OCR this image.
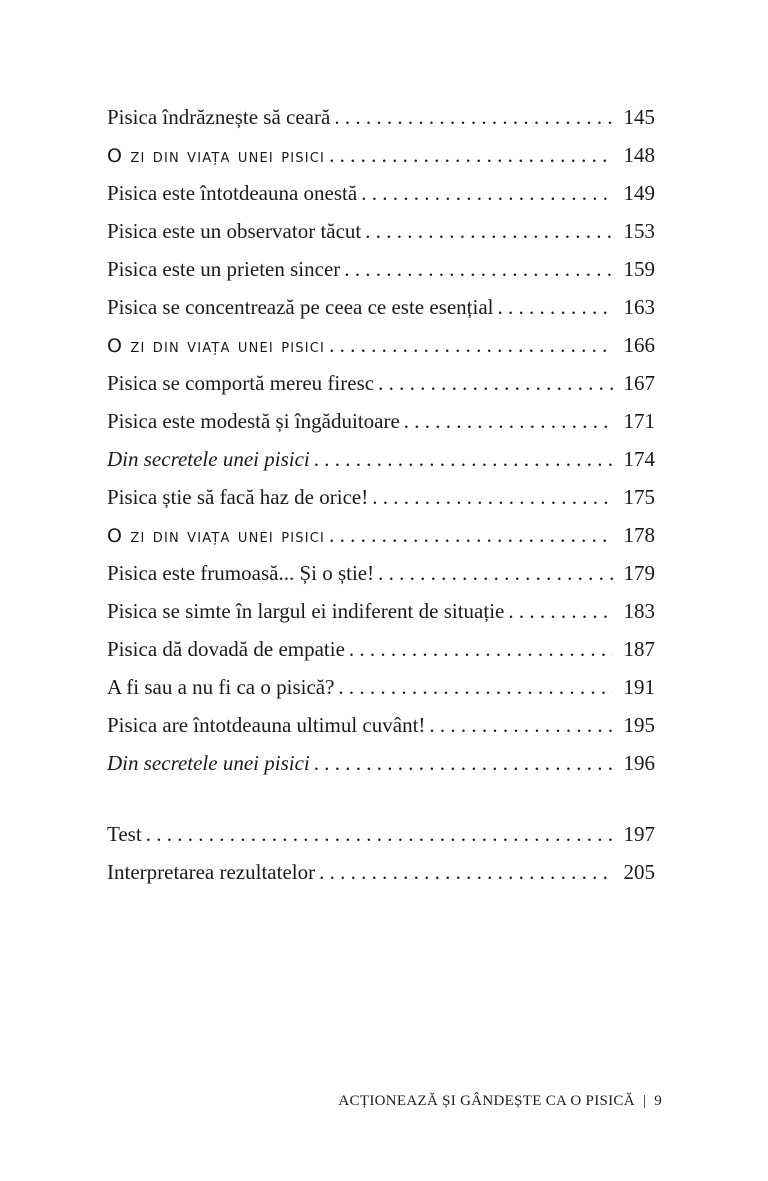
Pisica îndrăznește să ceară . . .	145
O zi din viața unei pisici . . .	148
Pisica este întotdeauna onestă . . .	149
Pisica este un observator tăcut . . .	153
Pisica este un prieten sincer . . .	159
Pisica se concentrează pe ceea ce este esențial . . .	163
O zi din viața unei pisici . . .	166
Pisica se comportă mereu firesc . . .	167
Pisica este modestă și îngăduitoare . . .	171
Din secretele unei pisici . . .	174
Pisica știe să facă haz de orice! . . .	175
O zi din viața unei pisici . . .	178
Pisica este frumoasă... Și o știe! . . .	179
Pisica se simte în largul ei indiferent de situație . . .	183
Pisica dă dovadă de empatie . . .	187
A fi sau a nu fi ca o pisică? . . .	191
Pisica are întotdeauna ultimul cuvânt! . . .	195
Din secretele unei pisici . . .	196
Test . . .	197
Interpretarea rezultatelor . . .	205
ACȚIONEAZĂ ȘI GÂNDEȘTE CA O PISICĂ | 9
